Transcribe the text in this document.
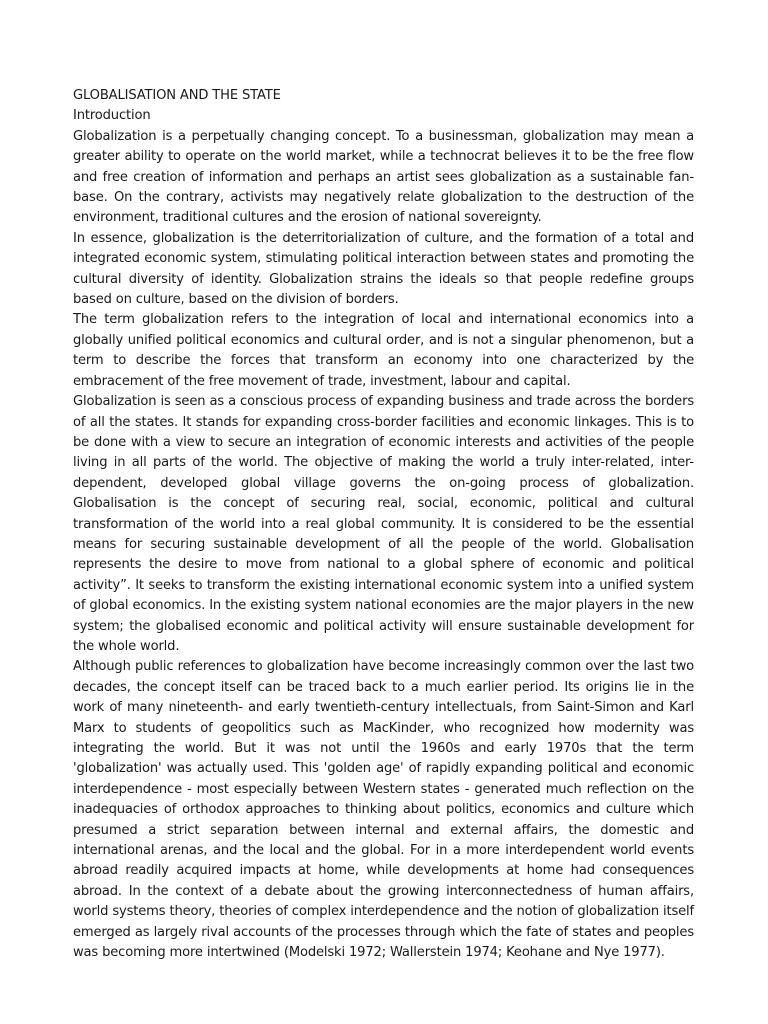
GLOBALISATION AND THE STATE
Introduction

Globalization is a perpetually changing concept. To a businessman, globalization may mean a greater ability to operate on the world market, while a technocrat believes it to be the free flow and free creation of information and perhaps an artist sees globalization as a sustainable fan-base. On the contrary, activists may negatively relate globalization to the destruction of the environment, traditional cultures and the erosion of national sovereignty.

In essence, globalization is the deterritorialization of culture, and the formation of a total and integrated economic system, stimulating political interaction between states and promoting the cultural diversity of identity. Globalization strains the ideals so that people redefine groups based on culture, based on the division of borders.

The term globalization refers to the integration of local and international economics into a globally unified political economics and cultural order, and is not a singular phenomenon, but a term to describe the forces that transform an economy into one characterized by the embracement of the free movement of trade, investment, labour and capital.

Globalization is seen as a conscious process of expanding business and trade across the borders of all the states. It stands for expanding cross-border facilities and economic linkages. This is to be done with a view to secure an integration of economic interests and activities of the people living in all parts of the world. The objective of making the world a truly inter-related, inter-dependent, developed global village governs the on-going process of globalization. Globalisation is the concept of securing real, social, economic, political and cultural transformation of the world into a real global community. It is considered to be the essential means for securing sustainable development of all the people of the world. Globalisation represents the desire to move from national to a global sphere of economic and political activity”. It seeks to transform the existing international economic system into a unified system of global economics. In the existing system national economies are the major players in the new system; the globalised economic and political activity will ensure sustainable development for the whole world.

Although public references to globalization have become increasingly common over the last two decades, the concept itself can be traced back to a much earlier period. Its origins lie in the work of many nineteenth- and early twentieth-century intellectuals, from Saint-Simon and Karl Marx to students of geopolitics such as MacKinder, who recognized how modernity was integrating the world. But it was not until the 1960s and early 1970s that the term 'globalization' was actually used. This 'golden age' of rapidly expanding political and economic interdependence - most especially between Western states - generated much reflection on the inadequacies of orthodox approaches to thinking about politics, economics and culture which presumed a strict separation between internal and external affairs, the domestic and international arenas, and the local and the global. For in a more interdependent world events abroad readily acquired impacts at home, while developments at home had consequences abroad. In the context of a debate about the growing interconnectedness of human affairs, world systems theory, theories of complex interdependence and the notion of globalization itself emerged as largely rival accounts of the processes through which the fate of states and peoples was becoming more intertwined (Modelski 1972; Wallerstein 1974; Keohane and Nye 1977).
